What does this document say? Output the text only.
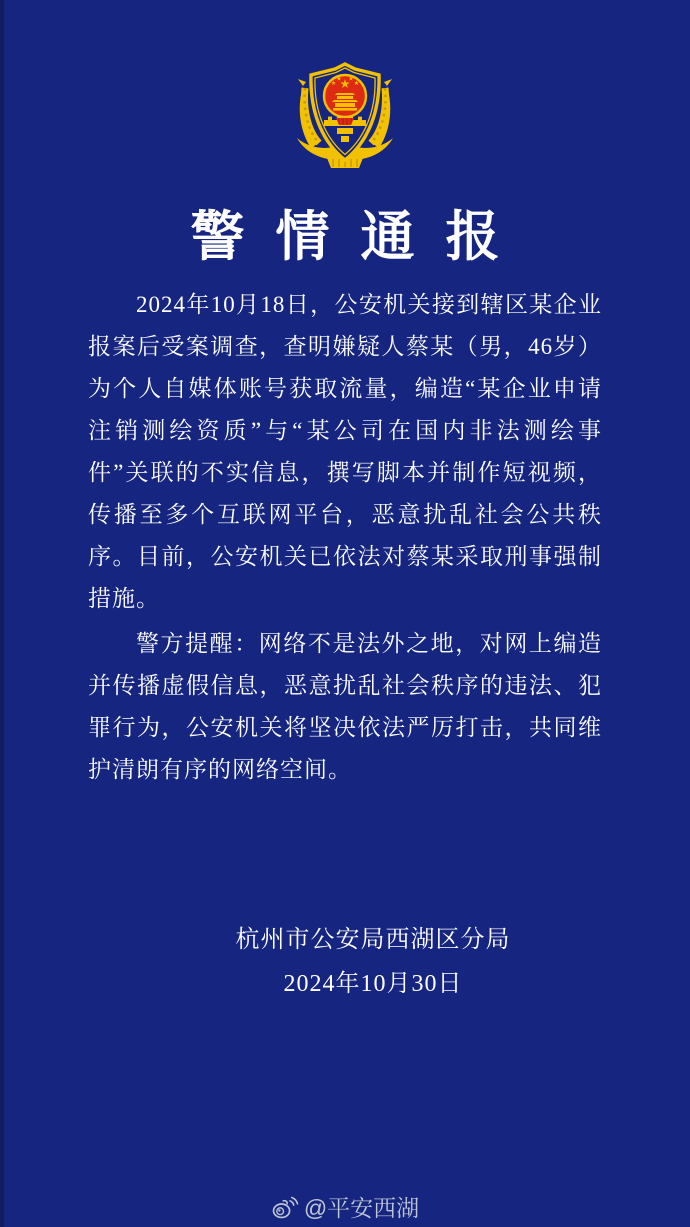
警情通报
2024年10月18日，公安机关接到辖区某企业
报案后受案调查，查明嫌疑人蔡某（男，46岁）
为个人自媒体账号获取流量，编造“某企业申请
注销测绘资质”与“某公司在国内非法测绘事
件”关联的不实信息，撰写脚本并制作短视频，
传播至多个互联网平台，恶意扰乱社会公共秩
序。目前，公安机关已依法对蔡某采取刑事强制
措施。
警方提醒：网络不是法外之地，对网上编造
并传播虚假信息，恶意扰乱社会秩序的违法、犯
罪行为，公安机关将坚决依法严厉打击，共同维
护清朗有序的网络空间。
杭州市公安局西湖区分局
2024年10月30日
@平安西湖
